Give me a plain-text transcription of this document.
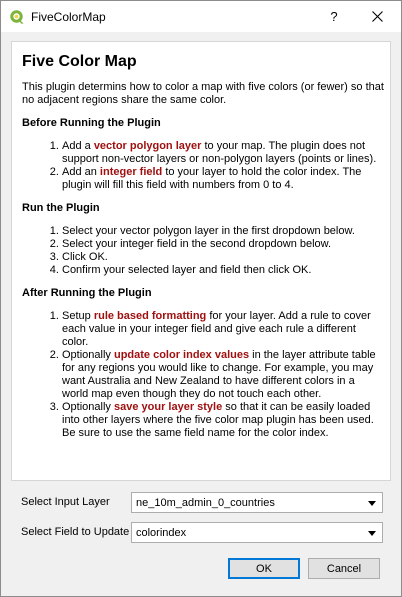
FiveColorMap	?
Five Color Map

This plugin determins how to color a map with five colors (or fewer) so that no adjacent regions share the same color.

Before Running the Plugin
1. Add a vector polygon layer to your map. The plugin does not support non-vector layers or non-polygon layers (points or lines).
2. Add an integer field to your layer to hold the color index. The plugin will fill this field with numbers from 0 to 4.
Run the Plugin
1. Select your vector polygon layer in the first dropdown below.
2. Select your integer field in the second dropdown below.
3. Click OK.
4. Confirm your selected layer and field then click OK.
After Running the Plugin
1. Setup rule based formatting for your layer. Add a rule to cover each value in your integer field and give each rule a different color.
2. Optionally update color index values in the layer attribute table for any regions you would like to change. For example, you may want Australia and New Zealand to have different colors in a world map even though they do not touch each other.
3. Optionally save your layer style so that it can be easily loaded into other layers where the five color map plugin has been used. Be sure to use the same field name for the color index.
Select Input Layer ne_10m_admin_0_countries
Select Field to Update colorindex
OK	Cancel
